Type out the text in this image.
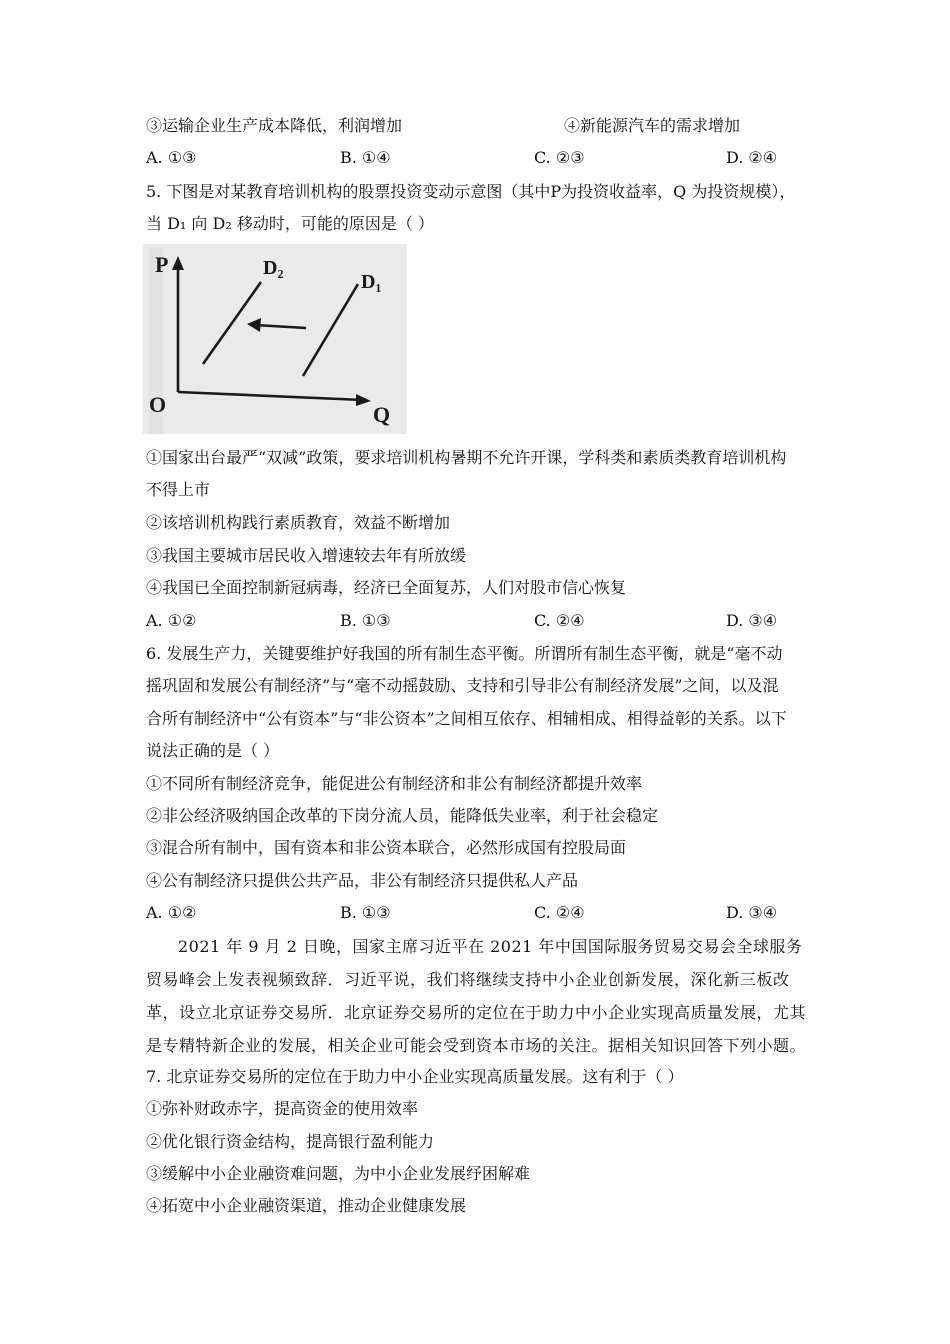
③运输企业生产成本降低，利润增加	④新能源汽车的需求增加
A. ①③	B. ①④	C. ②③	D. ②④
5. 下图是对某教育培训机构的股票投资变动示意图（其中P为投资收益率，Q 为投资规模），
当 D₁ 向 D₂ 移动时，可能的原因是（ ）
P
Q
O
D₂
D₁
①国家出台最严“双减”政策，要求培训机构暑期不允许开课，学科类和素质类教育培训机构
不得上市
②该培训机构践行素质教育，效益不断增加
③我国主要城市居民收入增速较去年有所放缓
④我国已全面控制新冠病毒，经济已全面复苏，人们对股市信心恢复
A. ①②	B. ①③	C. ②④	D. ③④
6. 发展生产力，关键要维护好我国的所有制生态平衡。所谓所有制生态平衡，就是“毫不动
摇巩固和发展公有制经济”与“毫不动摇鼓励、支持和引导非公有制经济发展”之间，以及混
合所有制经济中“公有资本”与“非公资本”之间相互依存、相辅相成、相得益彰的关系。以下
说法正确的是（ ）
①不同所有制经济竞争，能促进公有制经济和非公有制经济都提升效率
②非公经济吸纳国企改革的下岗分流人员，能降低失业率，利于社会稳定
③混合所有制中，国有资本和非公资本联合，必然形成国有控股局面
④公有制经济只提供公共产品，非公有制经济只提供私人产品
A. ①②	B. ①③	C. ②④	D. ③④
2021 年 9 月 2 日晚，国家主席习近平在 2021 年中国国际服务贸易交易会全球服务贸易峰会上发表视频致辞．习近平说，我们将继续支持中小企业创新发展，深化新三板改革，设立北京证券交易所．北京证券交易所的定位在于助力中小企业实现高质量发展，尤其是专精特新企业的发展，相关企业可能会受到资本市场的关注。据相关知识回答下列小题。
7. 北京证券交易所的定位在于助力中小企业实现高质量发展。这有利于（ ）
①弥补财政赤字，提高资金的使用效率
②优化银行资金结构，提高银行盈利能力
③缓解中小企业融资难问题，为中小企业发展纾困解难
④拓宽中小企业融资渠道，推动企业健康发展
